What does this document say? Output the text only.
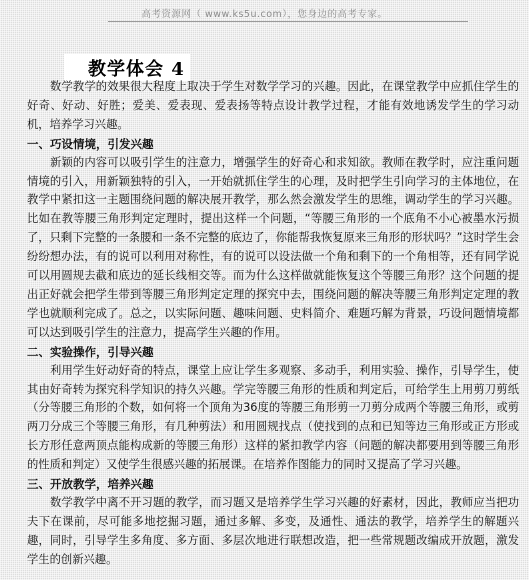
高考资源网（ www.ks5u.com），您身边的高考专家。
教学体会 4

数学教学的效果很大程度上取决于学生对数学学习的兴趣。因此，在课堂教学中应抓住学生的好奇、好动、好胜；爱美、爱表现、爱表扬等特点设计教学过程，才能有效地诱发学生的学习动机，培养学习兴趣。

一、巧设情境，引发兴趣

新颖的内容可以吸引学生的注意力，增强学生的好奇心和求知欲。教师在教学时，应注重问题情境的引入，用新颖独特的引入，一开始就抓住学生的心理，及时把学生引向学习的主体地位，在教学中紧扣这一主题围绕问题的解决展开教学，那么然会激发学生的思维，调动学生的学习兴趣。比如在教等腰三角形判定定理时，提出这样一个问题，“等腰三角形的一个底角不小心被墨水污损了，只剩下完整的一条腰和一条不完整的底边了，你能帮我恢复原来三角形的形状吗？”这时学生会纷纷想办法，有的说可以利用对称性，有的说可以设法做一个角和剩下的一个角相等，还有同学说可以用圆规去截和底边的延长线相交等。而为什么这样做就能恢复这个等腰三角形？这个问题的提出正好就会把学生带到等腰三角形判定定理的探究中去，围绕问题的解决等腰三角形判定定理的教学也就顺利完成了。总之，以实际问题、趣味问题、史料简介、难题巧解为背景，巧设问题情境都可以达到吸引学生的注意力，提高学生兴趣的作用。

二、实验操作，引导兴趣

利用学生好动好奇的特点，课堂上应让学生多观察、多动手，利用实验、操作，引导学生，使其由好奇转为探究科学知识的持久兴趣。学完等腰三角形的性质和判定后，可给学生上用剪刀剪纸（分等腰三角形的个数，如何将一个顶角为36度的等腰三角形剪一刀剪分成两个等腰三角形，或剪两刀分成三个等腰三角形，有几种剪法）和用圆规找点（使找到的点和已知等边三角形或正方形或长方形任意两顶点能构成新的等腰三角形）这样的紧扣教学内容（问题的解决都要用到等腰三角形的性质和判定）又使学生很感兴趣的拓展课。在培养作图能力的同时又提高了学习兴趣。

三、开放教学，培养兴趣

数学教学中离不开习题的教学，而习题又是培养学生学习兴趣的好素材，因此，教师应当把功夫下在课前，尽可能多地挖掘习题，通过多解、多变，及通性、通法的教学，培养学生的解题兴趣，同时，引导学生多角度、多方面、多层次地进行联想改造，把一些常规题改编成开放题，激发学生的创新兴趣。
